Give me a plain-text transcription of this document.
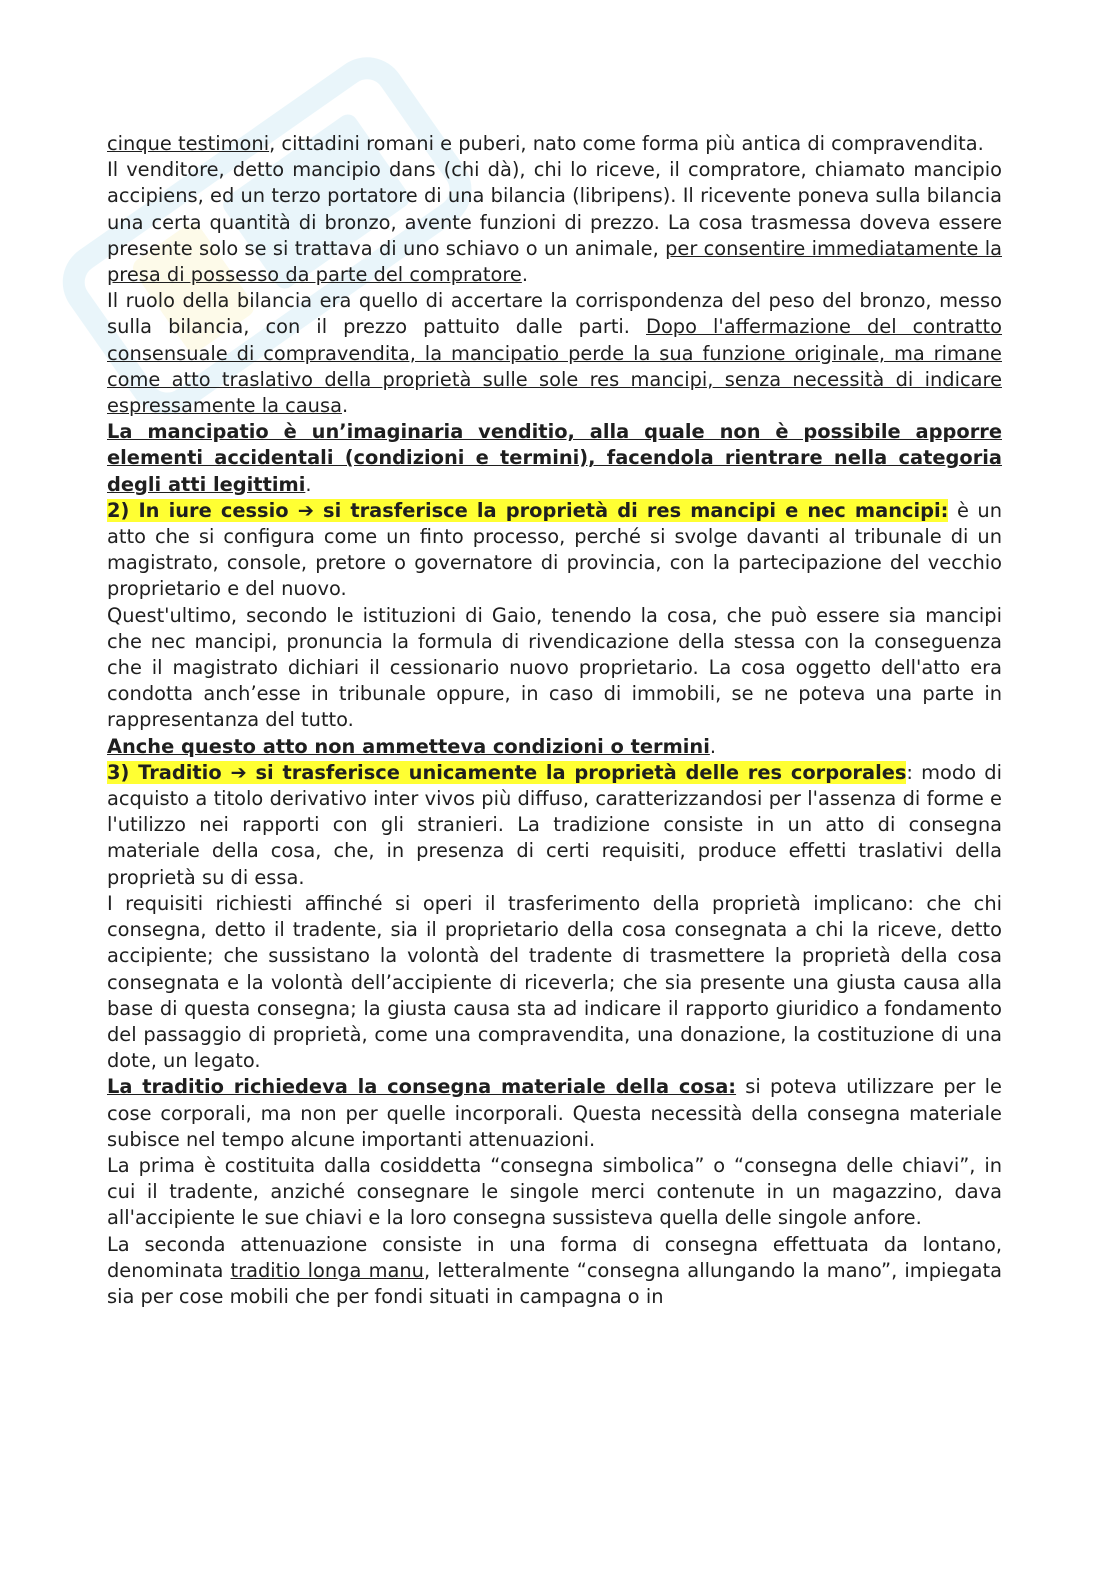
cinque testimoni, cittadini romani e puberi, nato come forma più antica di compravendita.

Il venditore, detto mancipio dans (chi dà), chi lo riceve, il compratore, chiamato mancipio accipiens, ed un terzo portatore di una bilancia (libripens). Il ricevente poneva sulla bilancia una certa quantità di bronzo, avente funzioni di prezzo. La cosa trasmessa doveva essere presente solo se si trattava di uno schiavo o un animale, per consentire immediatamente la presa di possesso da parte del compratore.

Il ruolo della bilancia era quello di accertare la corrispondenza del peso del bronzo, messo sulla bilancia, con il prezzo pattuito dalle parti. Dopo l'affermazione del contratto consensuale di compravendita, la mancipatio perde la sua funzione originale, ma rimane come atto traslativo della proprietà sulle sole res mancipi, senza necessità di indicare espressamente la causa.

La mancipatio è un’imaginaria venditio, alla quale non è possibile apporre elementi accidentali (condizioni e termini), facendola rientrare nella categoria degli atti legittimi.

2) In iure cessio ➔ si trasferisce la proprietà di res mancipi e nec mancipi: è un atto che si configura come un finto processo, perché si svolge davanti al tribunale di un magistrato, console, pretore o governatore di provincia, con la partecipazione del vecchio proprietario e del nuovo.

Quest'ultimo, secondo le istituzioni di Gaio, tenendo la cosa, che può essere sia mancipi che nec mancipi, pronuncia la formula di rivendicazione della stessa con la conseguenza che il magistrato dichiari il cessionario nuovo proprietario. La cosa oggetto dell'atto era condotta anch’esse in tribunale oppure, in caso di immobili, se ne poteva una parte in rappresentanza del tutto.

Anche questo atto non ammetteva condizioni o termini.

3) Traditio ➔ si trasferisce unicamente la proprietà delle res corporales: modo di acquisto a titolo derivativo inter vivos più diffuso, caratterizzandosi per l'assenza di forme e l'utilizzo nei rapporti con gli stranieri. La tradizione consiste in un atto di consegna materiale della cosa, che, in presenza di certi requisiti, produce effetti traslativi della proprietà su di essa.

I requisiti richiesti affinché si operi il trasferimento della proprietà implicano: che chi consegna, detto il tradente, sia il proprietario della cosa consegnata a chi la riceve, detto accipiente; che sussistano la volontà del tradente di trasmettere la proprietà della cosa consegnata e la volontà dell’accipiente di riceverla; che sia presente una giusta causa alla base di questa consegna; la giusta causa sta ad indicare il rapporto giuridico a fondamento del passaggio di proprietà, come una compravendita, una donazione, la costituzione di una dote, un legato.

La traditio richiedeva la consegna materiale della cosa: si poteva utilizzare per le cose corporali, ma non per quelle incorporali. Questa necessità della consegna materiale subisce nel tempo alcune importanti attenuazioni.

La prima è costituita dalla cosiddetta “consegna simbolica” o “consegna delle chiavi”, in cui il tradente, anziché consegnare le singole merci contenute in un magazzino, dava all'accipiente le sue chiavi e la loro consegna sussisteva quella delle singole anfore.

La seconda attenuazione consiste in una forma di consegna effettuata da lontano, denominata traditio longa manu, letteralmente “consegna allungando la mano”, impiegata sia per cose mobili che per fondi situati in campagna o in
